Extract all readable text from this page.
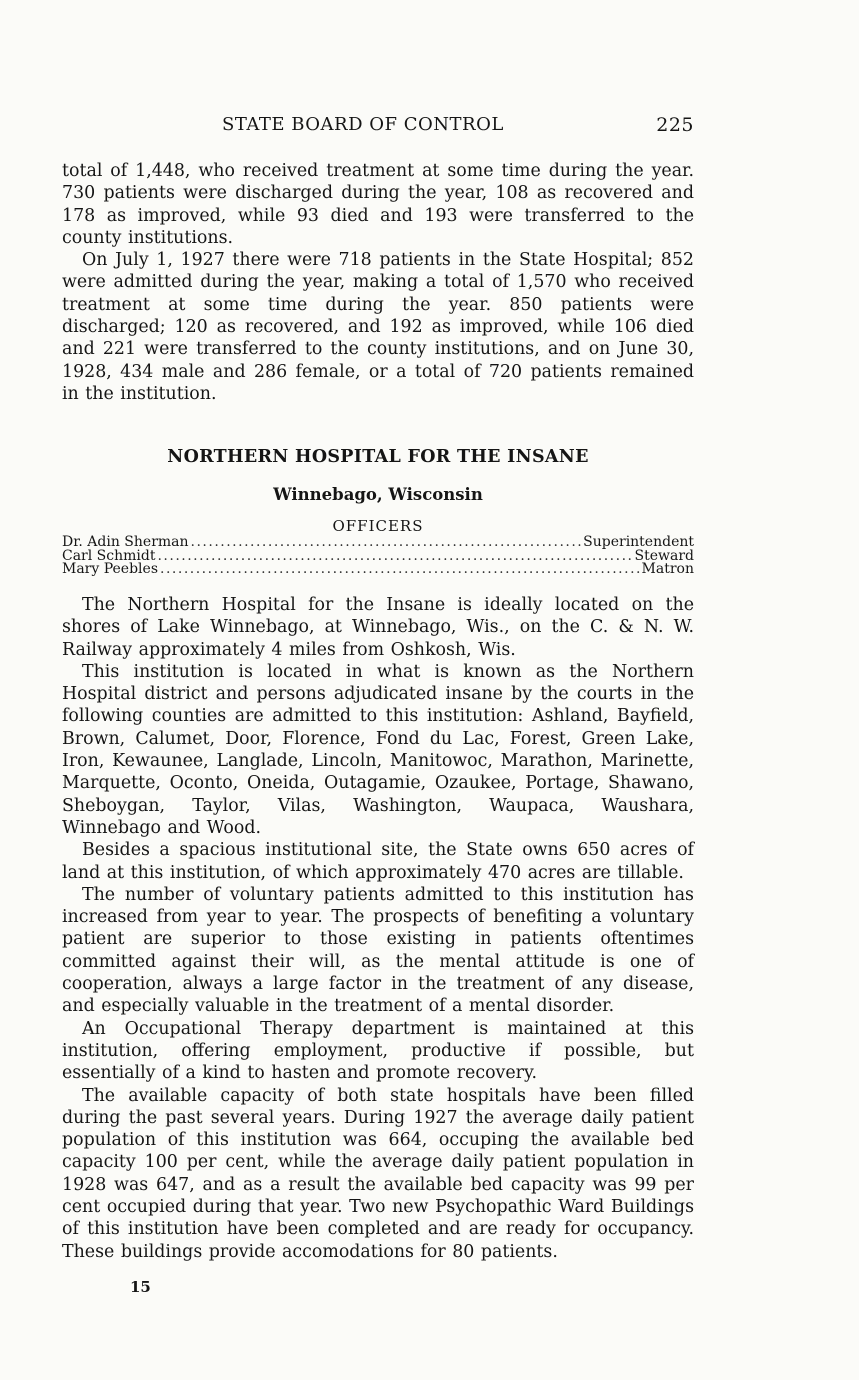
STATE BOARD OF CONTROL	225

total of 1,448, who received treatment at some time during the year. 730 patients were discharged during the year, 108 as recovered and 178 as improved, while 93 died and 193 were transferred to the county institutions.

On July 1, 1927 there were 718 patients in the State Hospital; 852 were admitted during the year, making a total of 1,570 who received treatment at some time during the year. 850 patients were discharged; 120 as recovered, and 192 as improved, while 106 died and 221 were transferred to the county institutions, and on June 30, 1928, 434 male and 286 female, or a total of 720 patients remained in the institution.

NORTHERN HOSPITAL FOR THE INSANE
Winnebago, Wisconsin
OFFICERS
Dr. Adin Sherman .....	Superintendent
Carl Schmidt .....	Steward
Mary Peebles .....	Matron

The Northern Hospital for the Insane is ideally located on the shores of Lake Winnebago, at Winnebago, Wis., on the C. & N. W. Railway approximately 4 miles from Oshkosh, Wis.

This institution is located in what is known as the Northern Hospital district and persons adjudicated insane by the courts in the following counties are admitted to this institution: Ashland, Bayfield, Brown, Calumet, Door, Florence, Fond du Lac, Forest, Green Lake, Iron, Kewaunee, Langlade, Lincoln, Manitowoc, Marathon, Marinette, Marquette, Oconto, Oneida, Outagamie, Ozaukee, Portage, Shawano, Sheboygan, Taylor, Vilas, Washington, Waupaca, Waushara, Winnebago and Wood.

Besides a spacious institutional site, the State owns 650 acres of land at this institution, of which approximately 470 acres are tillable.

The number of voluntary patients admitted to this institution has increased from year to year. The prospects of benefiting a voluntary patient are superior to those existing in patients oftentimes committed against their will, as the mental attitude is one of cooperation, always a large factor in the treatment of any disease, and especially valuable in the treatment of a mental disorder.

An Occupational Therapy department is maintained at this institution, offering employment, productive if possible, but essentially of a kind to hasten and promote recovery.

The available capacity of both state hospitals have been filled during the past several years. During 1927 the average daily patient population of this institution was 664, occuping the available bed capacity 100 per cent, while the average daily patient population in 1928 was 647, and as a result the available bed capacity was 99 per cent occupied during that year. Two new Psychopathic Ward Buildings of this institution have been completed and are ready for occupancy. These buildings provide accomodations for 80 patients.

15
